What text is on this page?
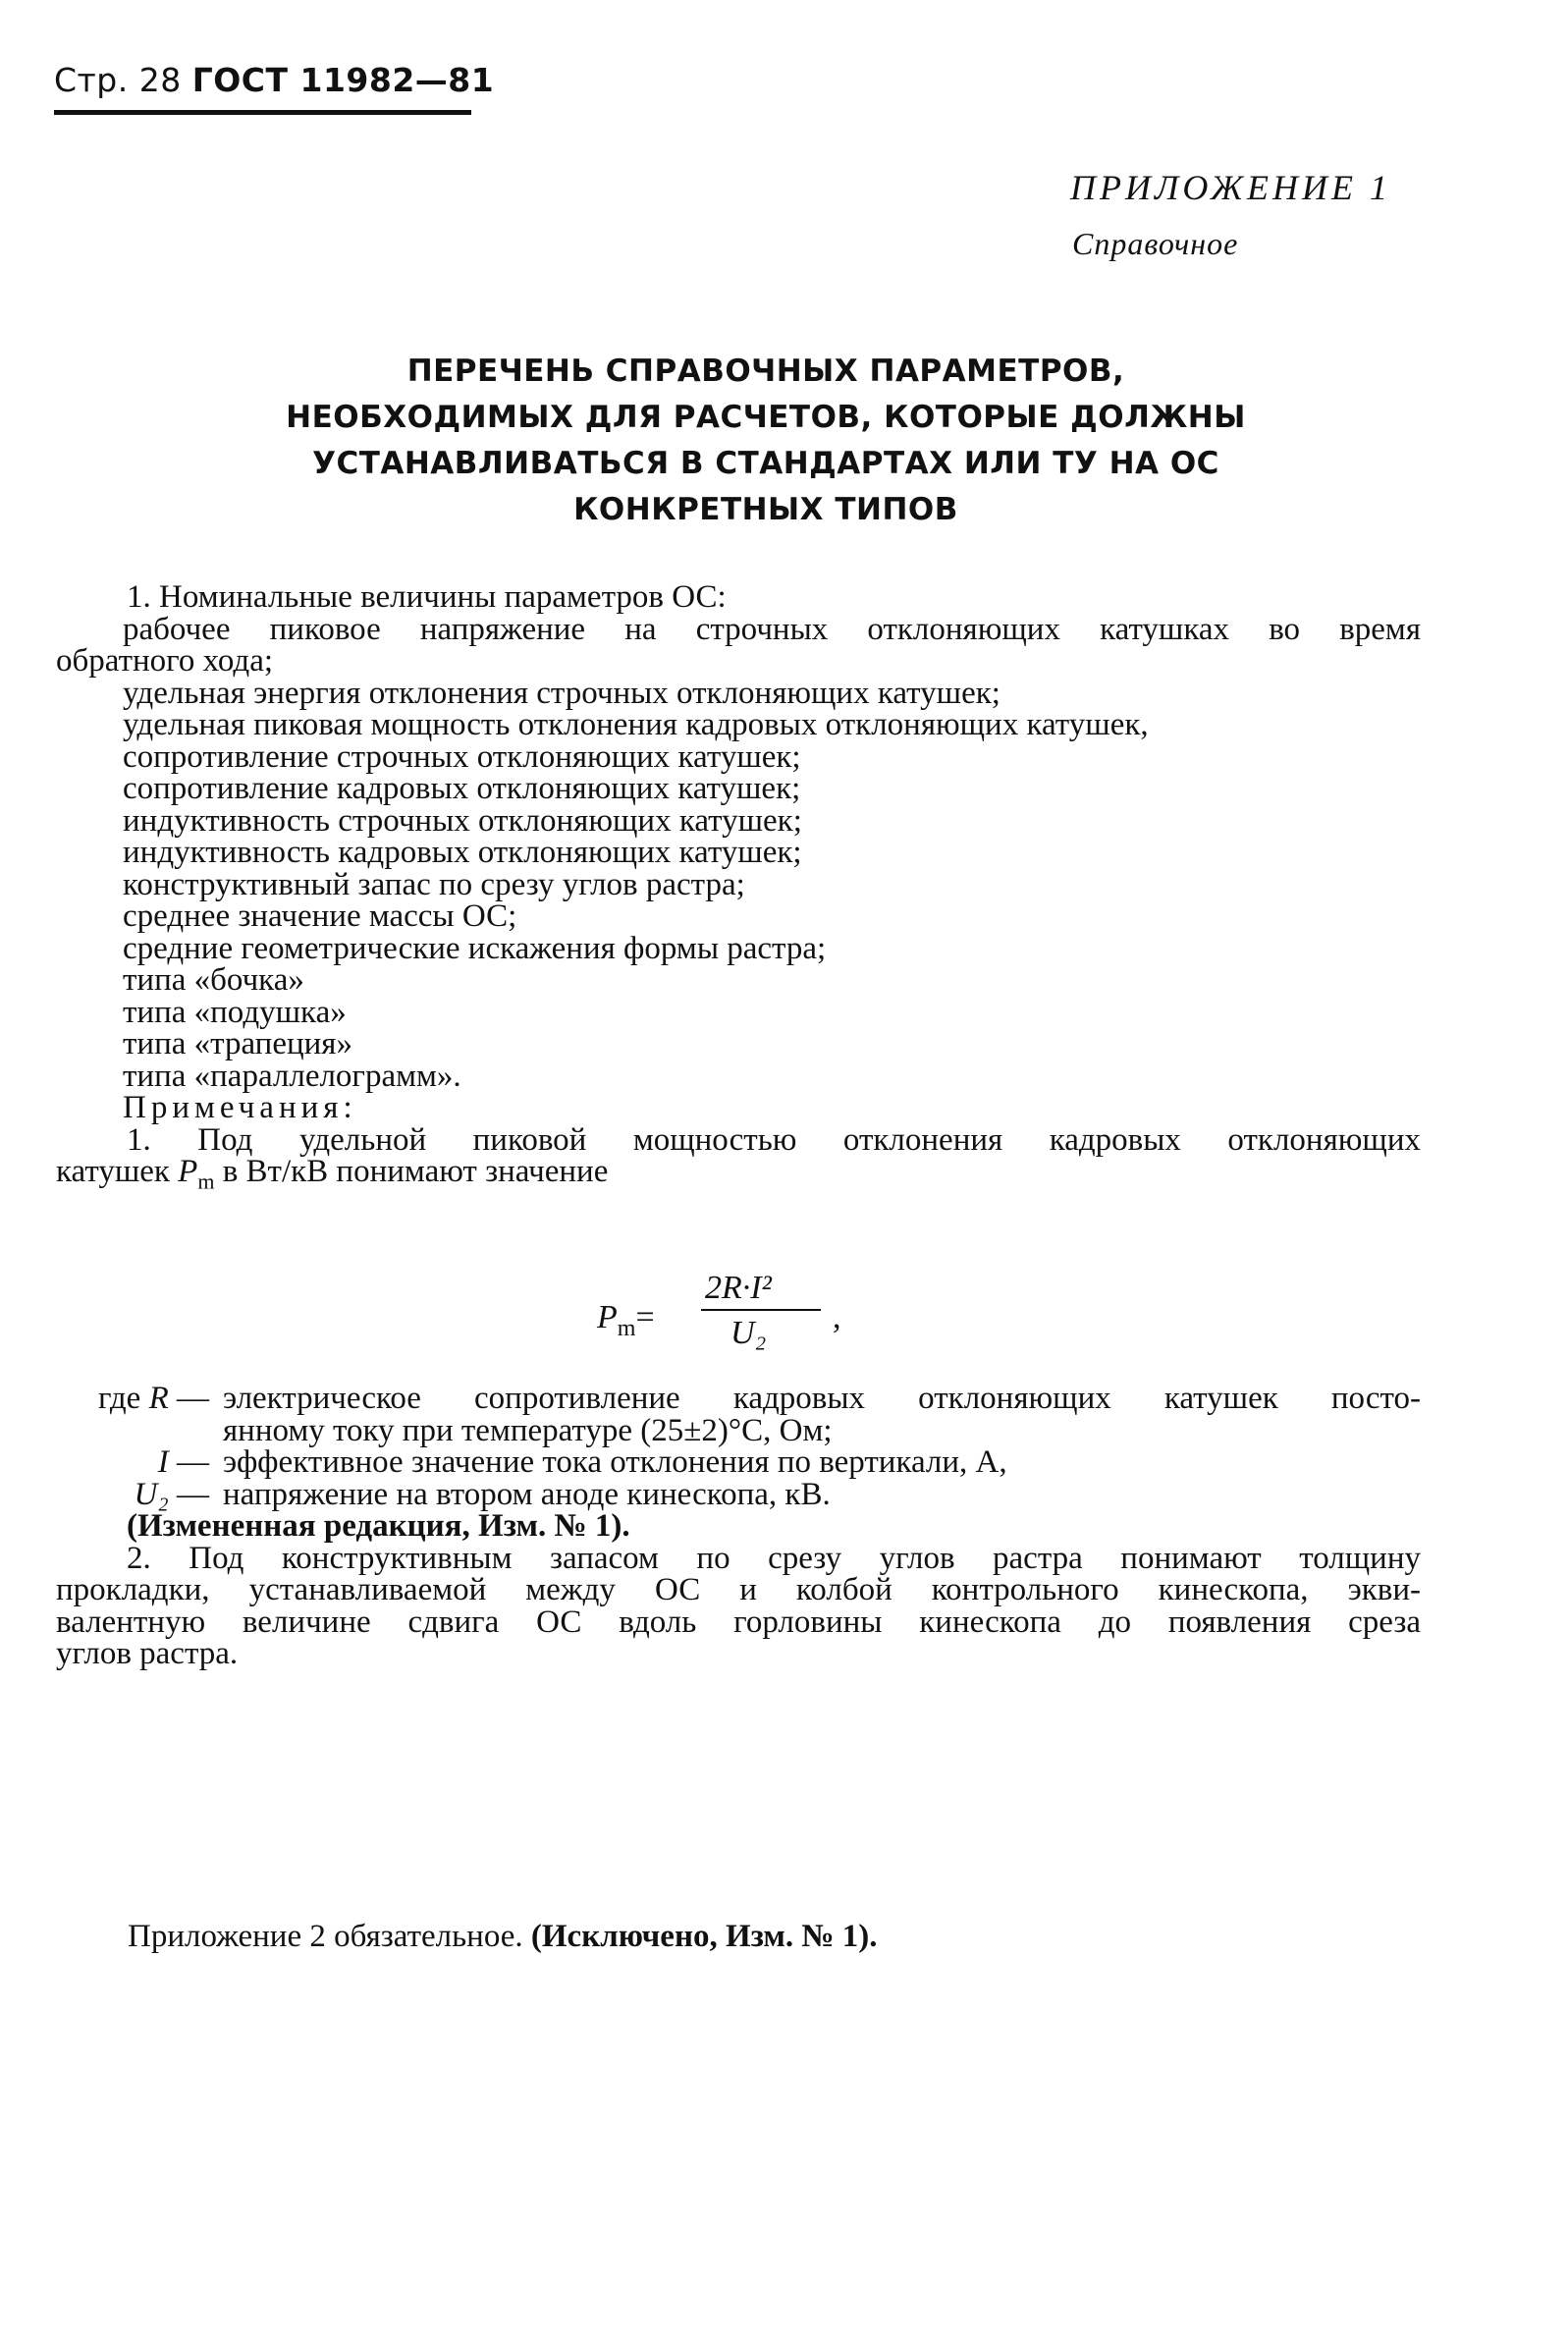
Стр. 28 ГОСТ 11982—81
ПРИЛОЖЕНИЕ 1
Справочное
ПЕРЕЧЕНЬ СПРАВОЧНЫХ ПАРАМЕТРОВ,
НЕОБХОДИМЫХ ДЛЯ РАСЧЕТОВ, КОТОРЫЕ ДОЛЖНЫ
УСТАНАВЛИВАТЬСЯ В СТАНДАРТАХ ИЛИ ТУ НА ОС
КОНКРЕТНЫХ ТИПОВ
1. Номинальные величины параметров ОС:
рабочее пиковое напряжение на строчных отклоняющих катушках во время
обратного хода;
удельная энергия отклонения строчных отклоняющих катушек;
удельная пиковая мощность отклонения кадровых отклоняющих катушек,
сопротивление строчных отклоняющих катушек;
сопротивление кадровых отклоняющих катушек;
индуктивность строчных отклоняющих катушек;
индуктивность кадровых отклоняющих катушек;
конструктивный запас по срезу углов растра;
среднее значение массы ОС;
средние геометрические искажения формы растра;
типа «бочка»
типа «подушка»
типа «трапеция»
типа «параллелограмм».
Примечания:
1. Под удельной пиковой мощностью отклонения кадровых отклоняющих
катушек $P_m$ в Вт/кВ понимают значение
$P_m=$
2R·I²
U₂ ,
где R — электрическое сопротивление кадровых отклоняющих катушек посто-
янному току при температуре (25±2)°С, Ом;
I — эффективное значение тока отклонения по вертикали, А,
U₂ — напряжение на втором аноде кинескопа, кВ.
(Измененная редакция, Изм. № 1).
2. Под конструктивным запасом по срезу углов растра понимают толщину
прокладки, устанавливаемой между ОС и колбой контрольного кинескопа, экви-
валентную величине сдвига ОС вдоль горловины кинескопа до появления среза
углов растра.
Приложение 2 обязательное. (Исключено, Изм. № 1).
